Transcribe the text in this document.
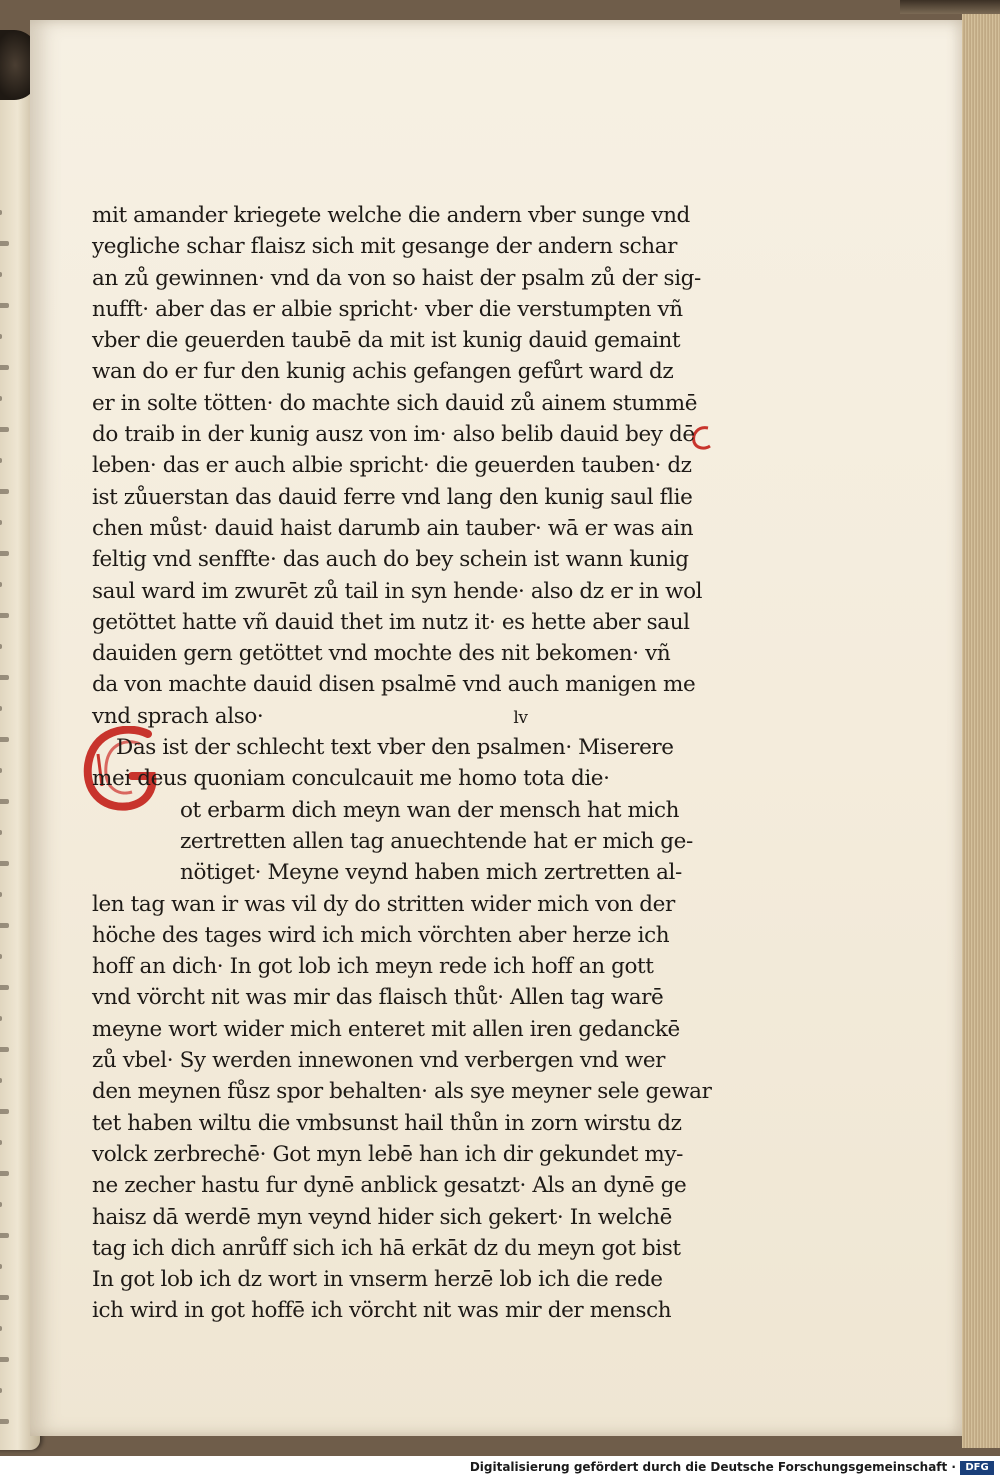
mit amander kriegete welche die andern vber sunge vnd
yegliche schar flaisz sich mit gesange der andern schar
an zů gewinnen· vnd da von so haist der psalm zů der sig-
nufft· aber das er albie spricht· vber die verstumpten vñ
vber die geuerden taubē da mit ist kunig dauid gemaint
wan do er fur den kunig achis gefangen gefůrt ward dz
er in solte tötten· do machte sich dauid zů ainem stummē
do traib in der kunig ausz von im· also belib dauid bey dē
leben· das er auch albie spricht· die geuerden tauben· dz
ist zůuerstan das dauid ferre vnd lang den kunig saul flie
chen můst· dauid haist darumb ain tauber· wā er was ain
feltig vnd senffte· das auch do bey schein ist wann kunig
saul ward im zwurēt zů tail in syn hende· also dz er in wol
getöttet hatte vñ dauid thet im nutz it· es hette aber saul
dauiden gern getöttet vnd mochte des nit bekomen· vñ
da von machte dauid disen psalmē vnd auch manigen me
vnd sprach also·	lv
Das ist der schlecht text vber den psalmen· Miserere
mei deus quoniam conculcauit me homo tota die·
ot erbarm dich meyn wan der mensch hat mich
zertretten allen tag anuechtende hat er mich ge-
nötiget· Meyne veynd haben mich zertretten al-
len tag wan ir was vil dy do stritten wider mich von der
höche des tages wird ich mich vörchten aber herze ich
hoff an dich· In got lob ich meyn rede ich hoff an gott
vnd vörcht nit was mir das flaisch thůt· Allen tag warē
meyne wort wider mich enteret mit allen iren gedanckē
zů vbel· Sy werden innewonen vnd verbergen vnd wer
den meynen fůsz spor behalten· als sye meyner sele gewar
tet haben wiltu die vmbsunst hail thůn in zorn wirstu dz
volck zerbrechē· Got myn lebē han ich dir gekundet my-
ne zecher hastu fur dynē anblick gesatzt· Als an dynē ge
haisz dā werdē myn veynd hider sich gekert· In welchē
tag ich dich anrůff sich ich hā erkāt dz du meyn got bist
In got lob ich dz wort in vnserm herzē lob ich die rede
ich wird in got hoffē ich vörcht nit was mir der mensch
Digitalisierung gefördert durch die Deutsche Forschungsgemeinschaft · DFG
